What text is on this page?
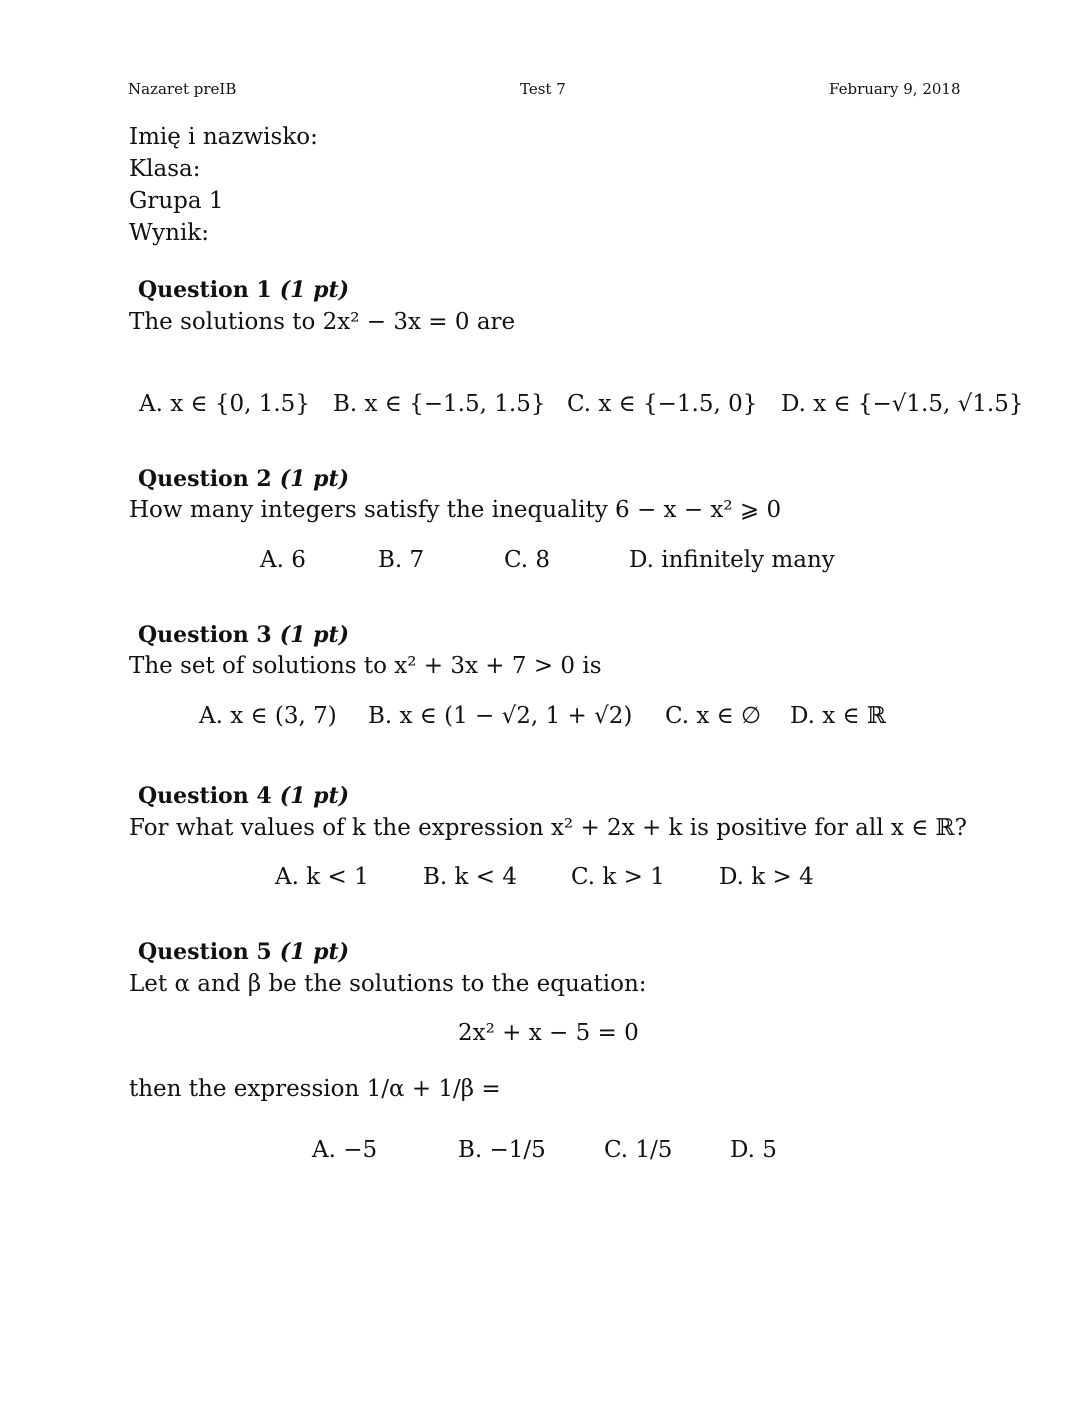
Nazaret preIB	Test 7	February 9, 2018
Imię i nazwisko:
Klasa:
Grupa 1
Wynik:
Question 1 (1 pt)
The solutions to 2x² − 3x = 0 are
A. x ∈ {0, 1.5} B. x ∈ {−1.5, 1.5} C. x ∈ {−1.5, 0} D. x ∈ {−√1.5, √1.5}
Question 2 (1 pt)
How many integers satisfy the inequality 6 − x − x² ⩾ 0
A. 6	B. 7	C. 8	D. infinitely many
Question 3 (1 pt)
The set of solutions to x² + 3x + 7 > 0 is
A. x ∈ (3, 7) B. x ∈ (1 − √2, 1 + √2) C. x ∈ ∅ D. x ∈ ℝ
Question 4 (1 pt)
For what values of k the expression x² + 2x + k is positive for all x ∈ ℝ?
A. k < 1 B. k < 4 C. k > 1 D. k > 4
Question 5 (1 pt)
Let α and β be the solutions to the equation:
2x² + x − 5 = 0
then the expression 1/α + 1/β =
A. −5	B. −1/5	C. 1/5	D. 5
